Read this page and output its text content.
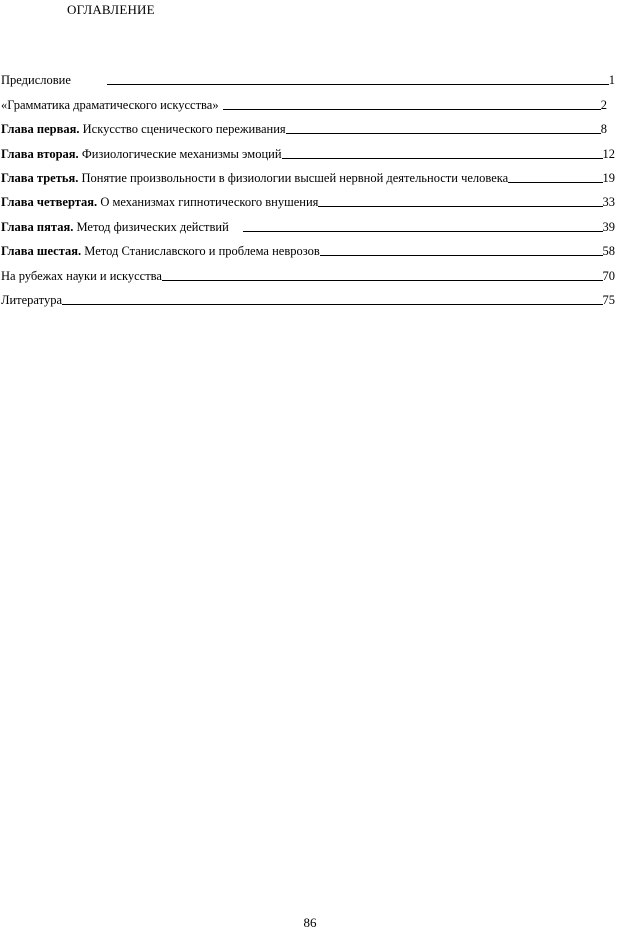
ОГЛАВЛЕНИЕ
Предисловие	1
«Грамматика драматического искусства»	2
Глава первая. Искусство сценического переживания	8
Глава вторая. Физиологические механизмы эмоций	12
Глава третья. Понятие произвольности в физиологии высшей нервной деятельности человека	19
Глава четвертая. О механизмах гипнотического внушения	33
Глава пятая. Метод физических действий	39
Глава шестая. Метод Станиславского и проблема неврозов	58
На рубежах науки и искусства	70
Литература	75
86
